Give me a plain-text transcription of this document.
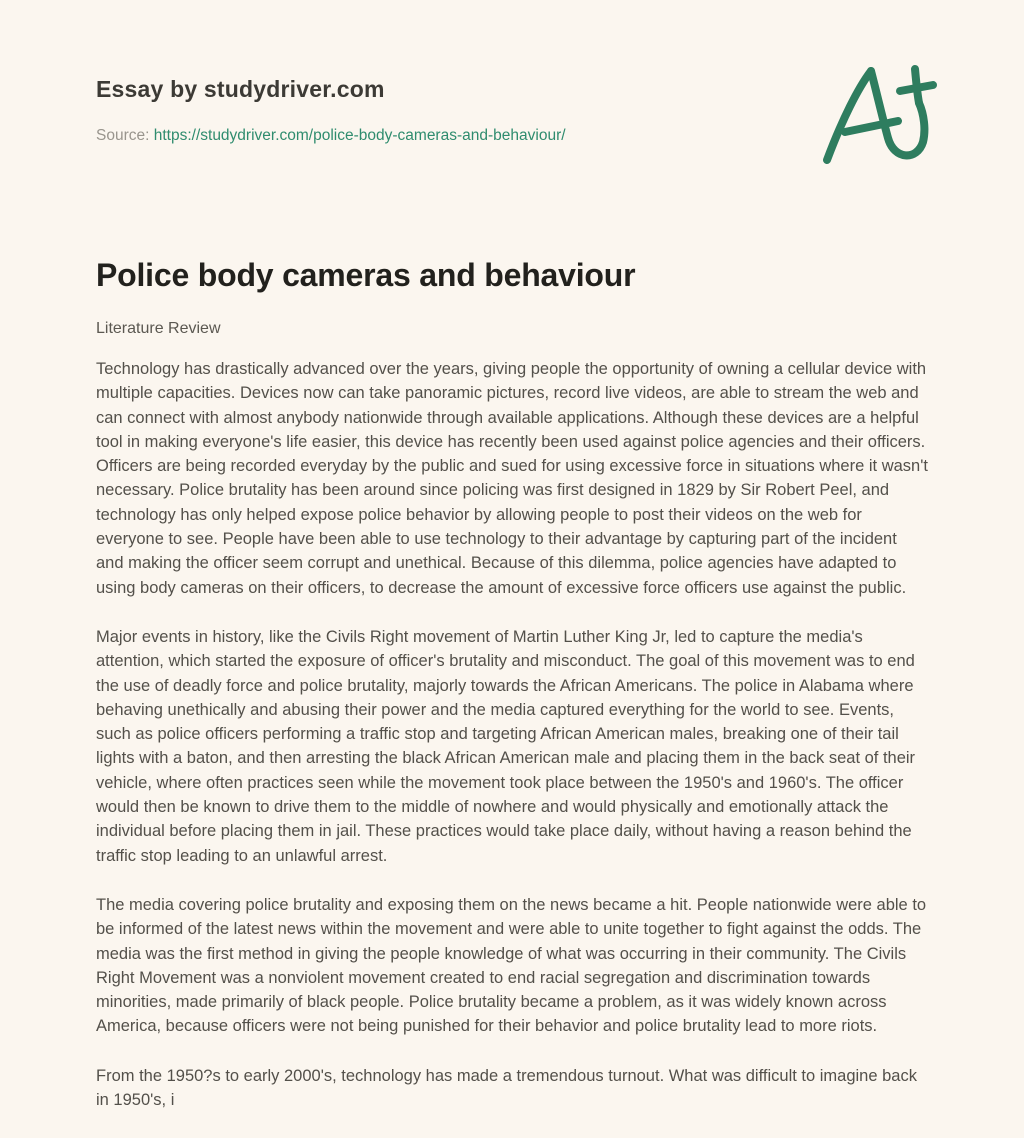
Essay by studydriver.com
Source: https://studydriver.com/police-body-cameras-and-behaviour/
Police body cameras and behaviour
Literature Review

Technology has drastically advanced over the years, giving people the opportunity of owning a cellular device with multiple capacities. Devices now can take panoramic pictures, record live videos, are able to stream the web and can connect with almost anybody nationwide through available applications. Although these devices are a helpful tool in making everyone's life easier, this device has recently been used against police agencies and their officers. Officers are being recorded everyday by the public and sued for using excessive force in situations where it wasn't necessary. Police brutality has been around since policing was first designed in 1829 by Sir Robert Peel, and technology has only helped expose police behavior by allowing people to post their videos on the web for everyone to see. People have been able to use technology to their advantage by capturing part of the incident and making the officer seem corrupt and unethical. Because of this dilemma, police agencies have adapted to using body cameras on their officers, to decrease the amount of excessive force officers use against the public.

Major events in history, like the Civils Right movement of Martin Luther King Jr, led to capture the media's attention, which started the exposure of officer's brutality and misconduct. The goal of this movement was to end the use of deadly force and police brutality, majorly towards the African Americans. The police in Alabama where behaving unethically and abusing their power and the media captured everything for the world to see. Events, such as police officers performing a traffic stop and targeting African American males, breaking one of their tail lights with a baton, and then arresting the black African American male and placing them in the back seat of their vehicle, where often practices seen while the movement took place between the 1950's and 1960's. The officer would then be known to drive them to the middle of nowhere and would physically and emotionally attack the individual before placing them in jail. These practices would take place daily, without having a reason behind the traffic stop leading to an unlawful arrest.

The media covering police brutality and exposing them on the news became a hit. People nationwide were able to be informed of the latest news within the movement and were able to unite together to fight against the odds. The media was the first method in giving the people knowledge of what was occurring in their community. The Civils Right Movement was a nonviolent movement created to end racial segregation and discrimination towards minorities, made primarily of black people. Police brutality became a problem, as it was widely known across America, because officers were not being punished for their behavior and police brutality lead to more riots.

From the 1950?s to early 2000's, technology has made a tremendous turnout. What was difficult to imagine back in 1950's, i
